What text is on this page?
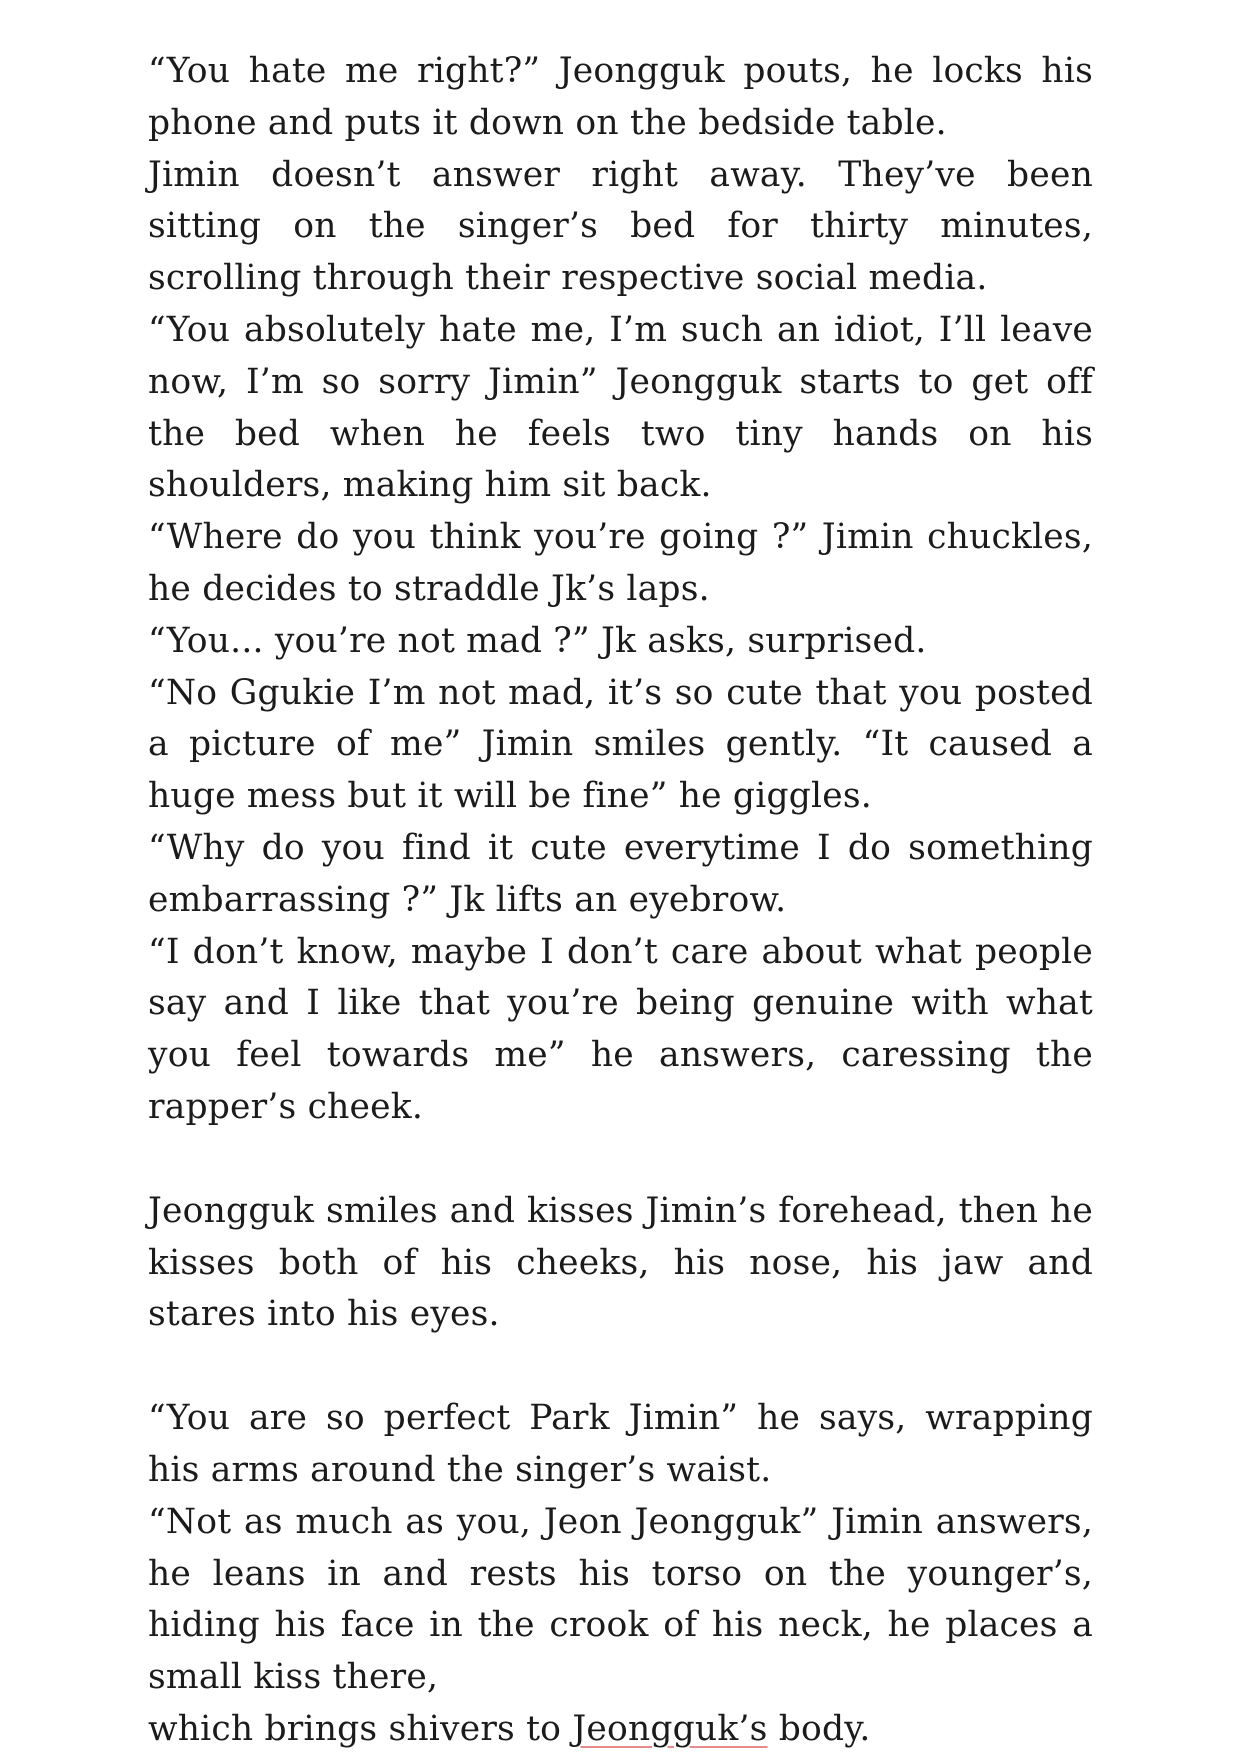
“You hate me right?” Jeongguk pouts, he locks his phone and puts it down on the bedside table.

Jimin doesn’t answer right away. They’ve been sitting on the singer’s bed for thirty minutes, scrolling through their respective social media.

“You absolutely hate me, I’m such an idiot, I’ll leave now, I’m so sorry Jimin” Jeongguk starts to get off the bed when he feels two tiny hands on his shoulders, making him sit back.

“Where do you think you’re going ?” Jimin chuckles, he decides to straddle Jk’s laps.

“You... you’re not mad ?” Jk asks, surprised.

“No Ggukie I’m not mad, it’s so cute that you posted a picture of me” Jimin smiles gently. “It caused a huge mess but it will be fine” he giggles.

“Why do you find it cute everytime I do something embarrassing ?” Jk lifts an eyebrow.

“I don’t know, maybe I don’t care about what people say and I like that you’re being genuine with what you feel towards me” he answers, caressing the rapper’s cheek.

Jeongguk smiles and kisses Jimin’s forehead, then he kisses both of his cheeks, his nose, his jaw and stares into his eyes.

“You are so perfect Park Jimin” he says, wrapping his arms around the singer’s waist.

“Not as much as you, Jeon Jeongguk” Jimin answers, he leans in and rests his torso on the younger’s, hiding his face in the crook of his neck, he places a small kiss there,

which brings shivers to Jeongguk’s body.
